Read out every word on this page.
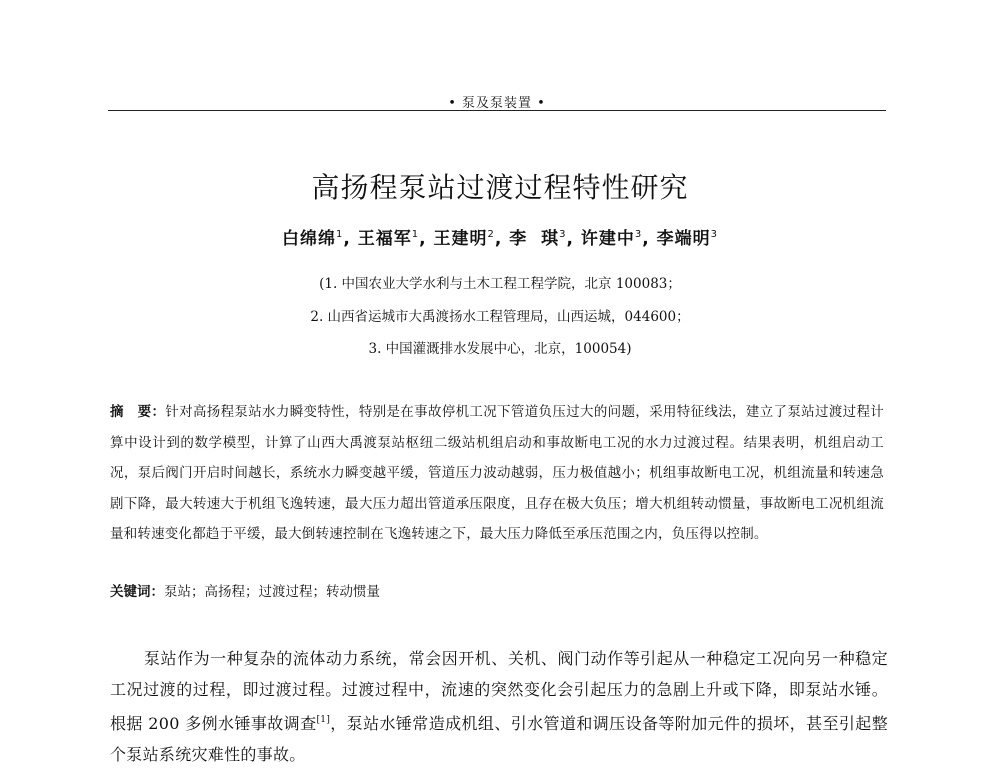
• 泵及泵装置 •
高扬程泵站过渡过程特性研究
白绵绵$^1$, 王福军$^1$, 王建明$^2$, 李  琪$^3$, 许建中$^3$, 李端明$^3$
(1. 中国农业大学水利与土木工程工程学院，北京 100083；
2. 山西省运城市大禹渡扬水工程管理局，山西运城，044600；
3. 中国灌溉排水发展中心，北京，100054)
摘　要：针对高扬程泵站水力瞬变特性，特别是在事故停机工况下管道负压过大的问题，采用特征线法，建立了泵站过渡过程计算中设计到的数学模型，计算了山西大禹渡泵站枢纽二级站机组启动和事故断电工况的水力过渡过程。结果表明，机组启动工况，泵后阀门开启时间越长，系统水力瞬变越平缓，管道压力波动越弱，压力极值越小；机组事故断电工况，机组流量和转速急剧下降，最大转速大于机组飞逸转速，最大压力超出管道承压限度，且存在极大负压；增大机组转动惯量，事故断电工况机组流量和转速变化都趋于平缓，最大倒转速控制在飞逸转速之下，最大压力降低至承压范围之内，负压得以控制。
关键词：泵站；高扬程；过渡过程；转动惯量
泵站作为一种复杂的流体动力系统，常会因开机、关机、阀门动作等引起从一种稳定工况向另一种稳定工况过渡的过程，即过渡过程。过渡过程中，流速的突然变化会引起压力的急剧上升或下降，即泵站水锤。根据 200 多例水锤事故调查[1]，泵站水锤常造成机组、引水管道和调压设备等附加元件的损坏，甚至引起整个泵站系统灾难性的事故。
